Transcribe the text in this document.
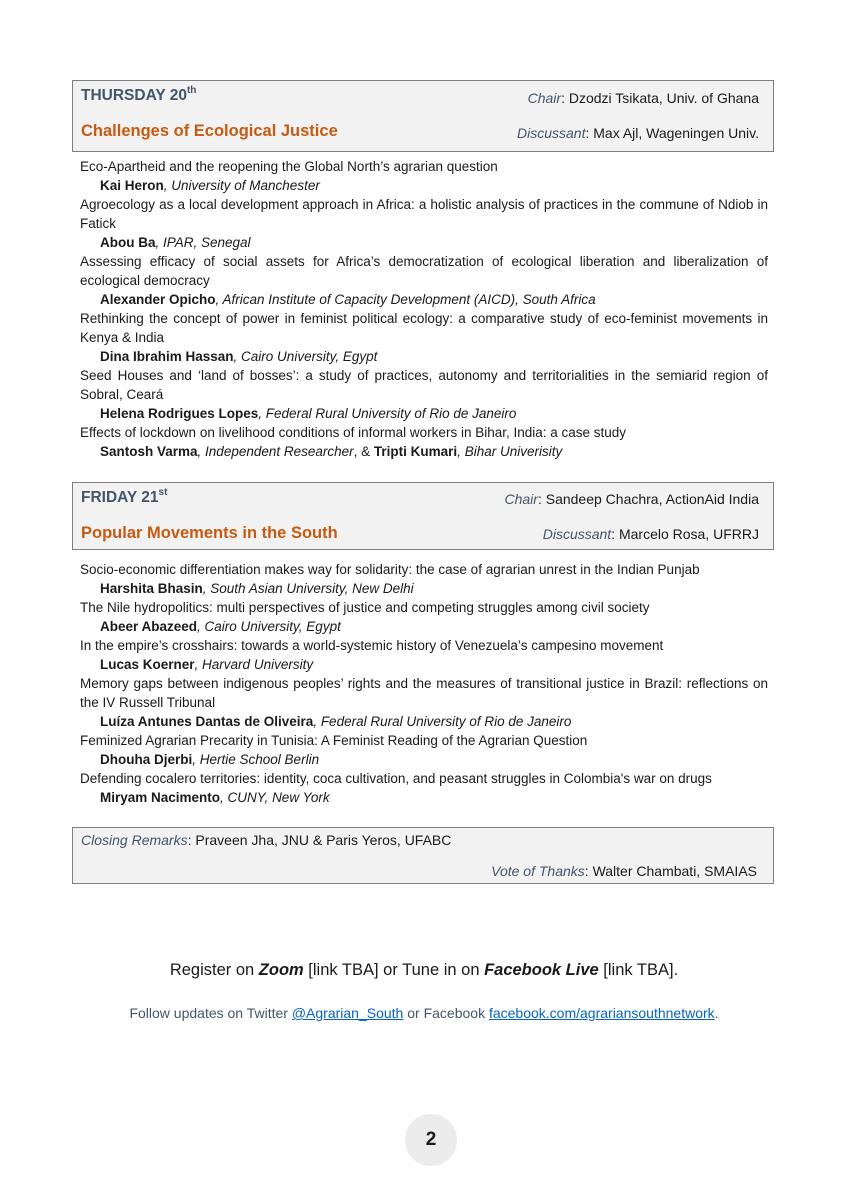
THURSDAY 20th	Chair: Dzodzi Tsikata, Univ. of Ghana
Challenges of Ecological Justice	Discussant: Max Ajl, Wageningen Univ.
Eco-Apartheid and the reopening the Global North’s agrarian question
Kai Heron, University of Manchester
Agroecology as a local development approach in Africa: a holistic analysis of practices in the commune of Ndiob in Fatick
Abou Ba, IPAR, Senegal
Assessing efficacy of social assets for Africa’s democratization of ecological liberation and liberalization of ecological democracy
Alexander Opicho, African Institute of Capacity Development (AICD), South Africa
Rethinking the concept of power in feminist political ecology: a comparative study of eco-feminist movements in Kenya & India
Dina Ibrahim Hassan, Cairo University, Egypt
Seed Houses and ‘land of bosses’: a study of practices, autonomy and territorialities in the semiarid region of Sobral, Ceará
Helena Rodrigues Lopes, Federal Rural University of Rio de Janeiro
Effects of lockdown on livelihood conditions of informal workers in Bihar, India: a case study
Santosh Varma, Independent Researcher, & Tripti Kumari, Bihar Univerisity
FRIDAY 21st	Chair: Sandeep Chachra, ActionAid India
Popular Movements in the South	Discussant: Marcelo Rosa, UFRRJ
Socio-economic differentiation makes way for solidarity: the case of agrarian unrest in the Indian Punjab
Harshita Bhasin, South Asian University, New Delhi
The Nile hydropolitics: multi perspectives of justice and competing struggles among civil society
Abeer Abazeed, Cairo University, Egypt
In the empire’s crosshairs: towards a world-systemic history of Venezuela’s campesino movement
Lucas Koerner, Harvard University
Memory gaps between indigenous peoples’ rights and the measures of transitional justice in Brazil: reflections on the IV Russell Tribunal
Luíza Antunes Dantas de Oliveira, Federal Rural University of Rio de Janeiro
Feminized Agrarian Precarity in Tunisia: A Feminist Reading of the Agrarian Question
Dhouha Djerbi, Hertie School Berlin
Defending cocalero territories: identity, coca cultivation, and peasant struggles in Colombia's war on drugs
Miryam Nacimento, CUNY, New York
Closing Remarks: Praveen Jha, JNU & Paris Yeros, UFABC
Vote of Thanks: Walter Chambati, SMAIAS
Register on Zoom [link TBA] or Tune in on Facebook Live [link TBA].
Follow updates on Twitter @Agrarian_South or Facebook facebook.com/agrariansouthnetwork.
2
